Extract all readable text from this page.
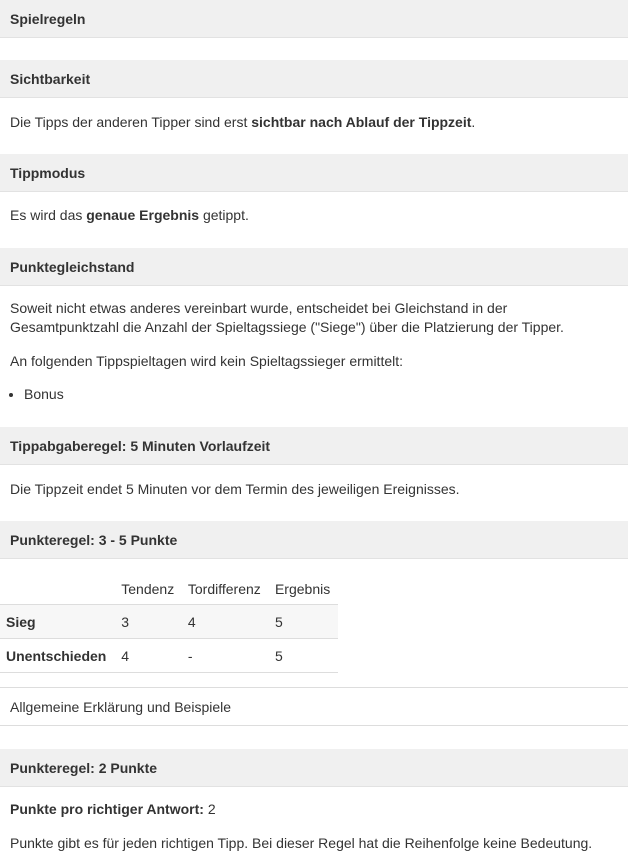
Spielregeln
Sichtbarkeit
Die Tipps der anderen Tipper sind erst sichtbar nach Ablauf der Tippzeit.
Tippmodus
Es wird das genaue Ergebnis getippt.
Punktegleichstand
Soweit nicht etwas anderes vereinbart wurde, entscheidet bei Gleichstand in der
Gesamtpunktzahl die Anzahl der Spieltagssiege ("Siege") über die Platzierung der Tipper.
An folgenden Tippspieltagen wird kein Spieltagssieger ermittelt:
• Bonus
Tippabgaberegel: 5 Minuten Vorlaufzeit
Die Tippzeit endet 5 Minuten vor dem Termin des jeweiligen Ereignisses.
Punkteregel: 3 - 5 Punkte
	Tendenz	Tordifferenz	Ergebnis
Sieg	3	4	5
Unentschieden	4	-	5
Allgemeine Erklärung und Beispiele
Punkteregel: 2 Punkte
Punkte pro richtiger Antwort: 2
Punkte gibt es für jeden richtigen Tipp. Bei dieser Regel hat die Reihenfolge keine Bedeutung.
